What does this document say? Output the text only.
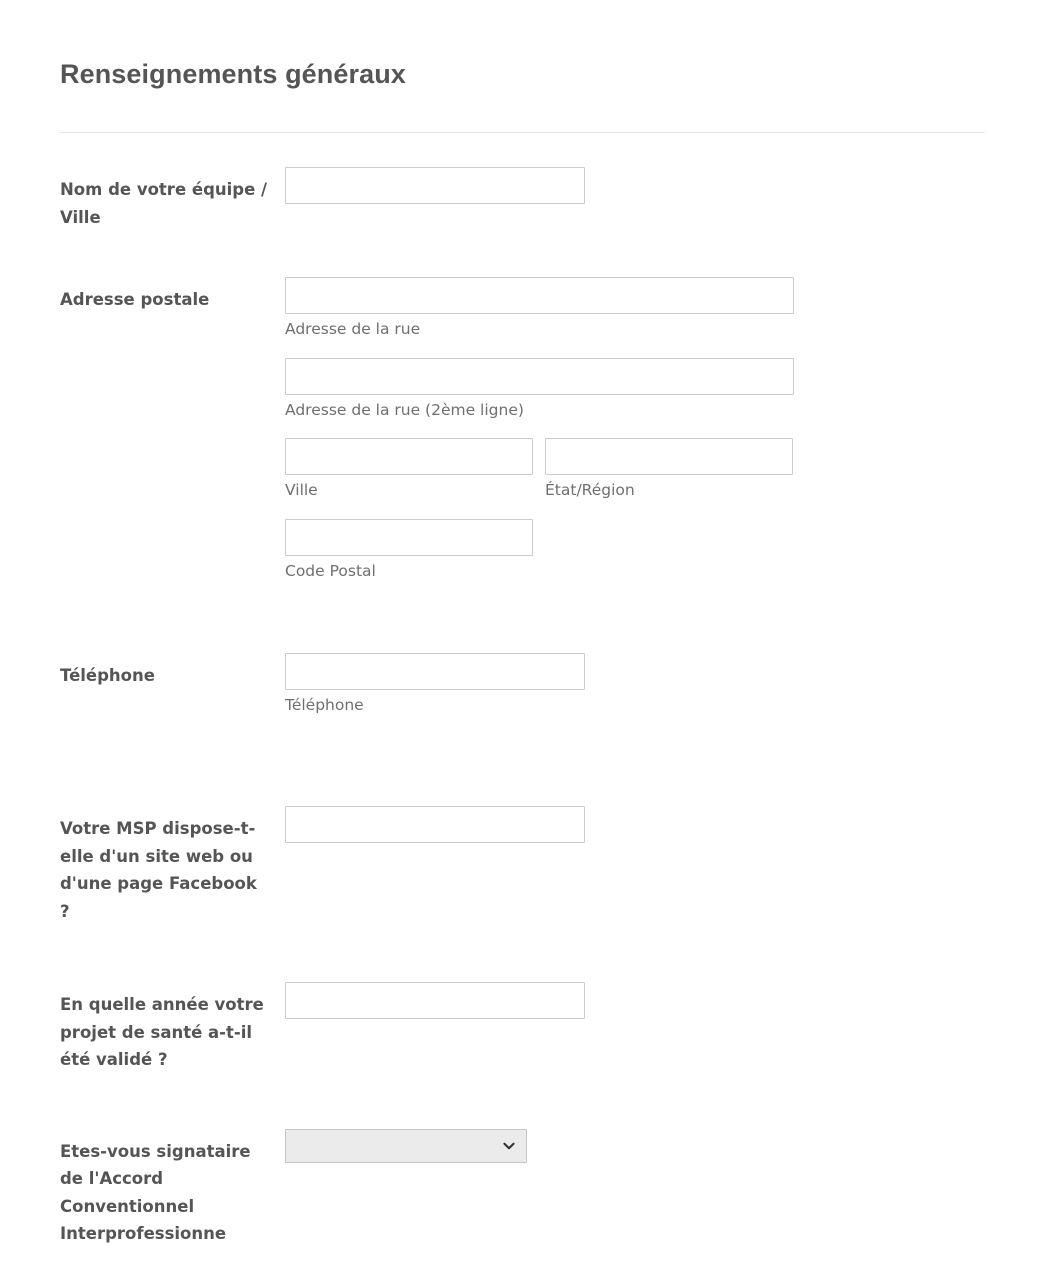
Renseignements généraux
Nom de votre équipe / Ville
Adresse postale
Adresse de la rue
Adresse de la rue (2ème ligne)
Ville	État/Région
Code Postal
Téléphone
Téléphone
Votre MSP dispose-t-elle d'un site web ou d'une page Facebook ?
En quelle année votre projet de santé a-t-il été validé ?
Etes-vous signataire de l'Accord Conventionnel Interprofessionne
